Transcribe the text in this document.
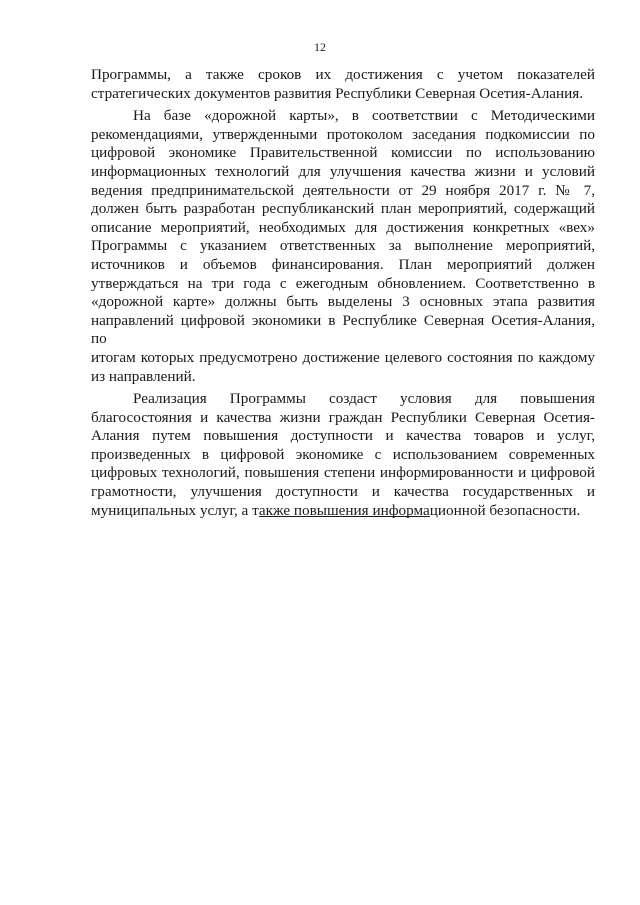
12

Программы, а также сроков их достижения с учетом показателей
стратегических документов развития Республики Северная Осетия-Алания.

На базе «дорожной карты», в соответствии с Методическими
рекомендациями, утвержденными протоколом заседания подкомиссии по
цифровой экономике Правительственной комиссии по использованию
информационных технологий для улучшения качества жизни и условий
ведения предпринимательской деятельности от 29 ноября 2017 г. № 7,
должен быть разработан республиканский план мероприятий, содержащий
описание мероприятий, необходимых для достижения конкретных «вех»
Программы с указанием ответственных за выполнение мероприятий,
источников и объемов финансирования. План мероприятий должен
утверждаться на три года с ежегодным обновлением. Соответственно в
«дорожной карте» должны быть выделены 3 основных этапа развития
направлений цифровой экономики в Республике Северная Осетия-Алания, по
итогам которых предусмотрено достижение целевого состояния по каждому
из направлений.

Реализация Программы создаст условия для повышения
благосостояния и качества жизни граждан Республики Северная Осетия-
Алания путем повышения доступности и качества товаров и услуг,
произведенных в цифровой экономике с использованием современных
цифровых технологий, повышения степени информированности и цифровой
грамотности, улучшения доступности и качества государственных и
муниципальных услуг, а также повышения информационной безопасности.
